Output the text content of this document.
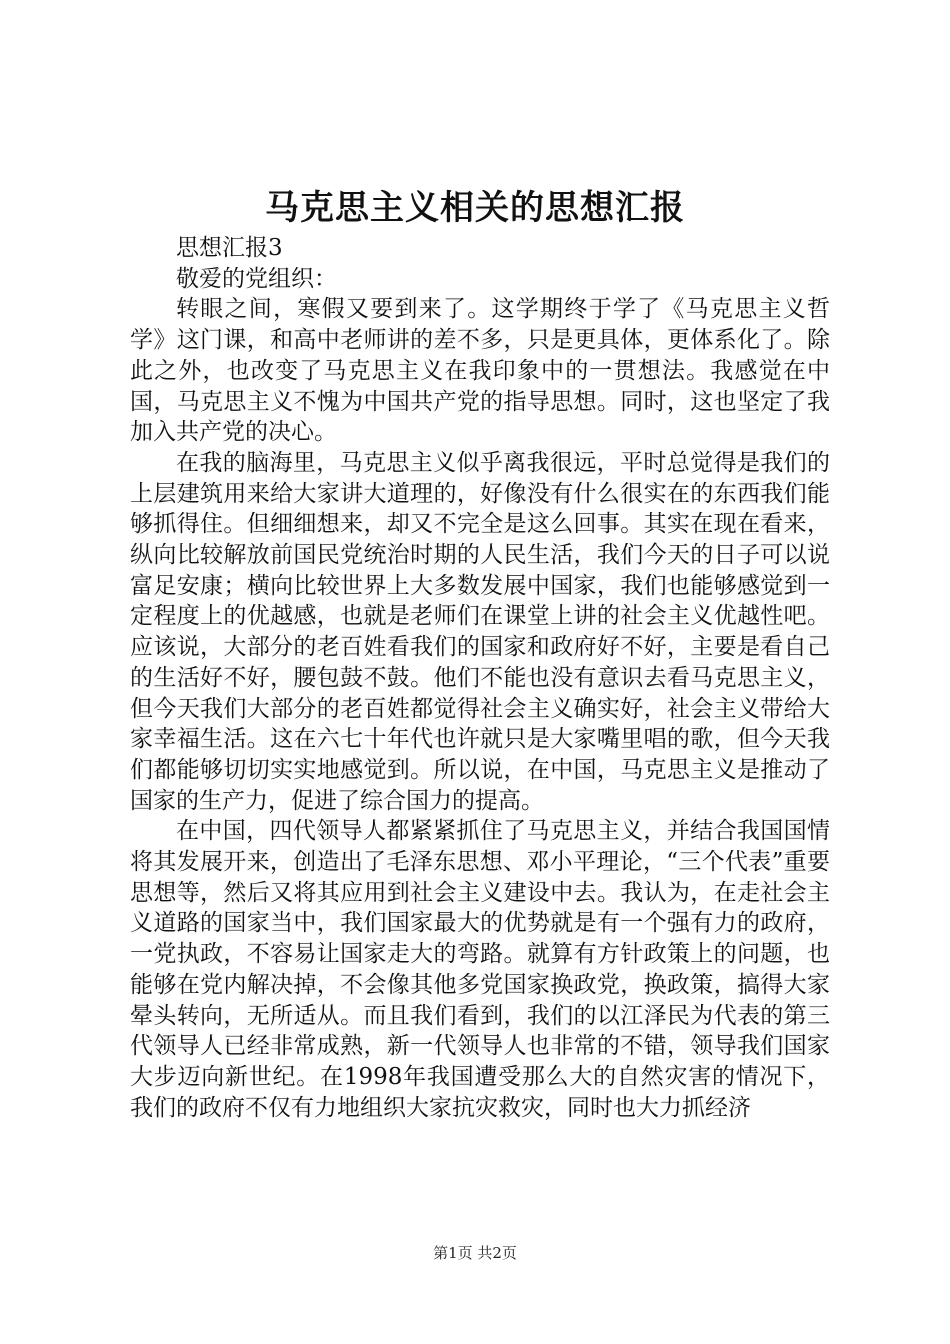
马克思主义相关的思想汇报

思想汇报3

敬爱的党组织：

转眼之间，寒假又要到来了。这学期终于学了《马克思主义哲学》这门课，和高中老师讲的差不多，只是更具体，更体系化了。除此之外，也改变了马克思主义在我印象中的一贯想法。我感觉在中国，马克思主义不愧为中国共产党的指导思想。同时，这也坚定了我加入共产党的决心。

在我的脑海里，马克思主义似乎离我很远，平时总觉得是我们的上层建筑用来给大家讲大道理的，好像没有什么很实在的东西我们能够抓得住。但细细想来，却又不完全是这么回事。其实在现在看来，纵向比较解放前国民党统治时期的人民生活，我们今天的日子可以说富足安康；横向比较世界上大多数发展中国家，我们也能够感觉到一定程度上的优越感，也就是老师们在课堂上讲的社会主义优越性吧。应该说，大部分的老百姓看我们的国家和政府好不好，主要是看自己的生活好不好，腰包鼓不鼓。他们不能也没有意识去看马克思主义，但今天我们大部分的老百姓都觉得社会主义确实好，社会主义带给大家幸福生活。这在六七十年代也许就只是大家嘴里唱的歌，但今天我们都能够切切实实地感觉到。所以说，在中国，马克思主义是推动了国家的生产力，促进了综合国力的提高。

在中国，四代领导人都紧紧抓住了马克思主义，并结合我国国情将其发展开来，创造出了毛泽东思想、邓小平理论，“三个代表”重要思想等，然后又将其应用到社会主义建设中去。我认为，在走社会主义道路的国家当中，我们国家最大的优势就是有一个强有力的政府，一党执政，不容易让国家走大的弯路。就算有方针政策上的问题，也能够在党内解决掉，不会像其他多党国家换政党，换政策，搞得大家晕头转向，无所适从。而且我们看到，我们的以江泽民为代表的第三代领导人已经非常成熟，新一代领导人也非常的不错，领导我们国家大步迈向新世纪。在1998年我国遭受那么大的自然灾害的情况下，我们的政府不仅有力地组织大家抗灾救灾，同时也大力抓经济

第1页 共2页
